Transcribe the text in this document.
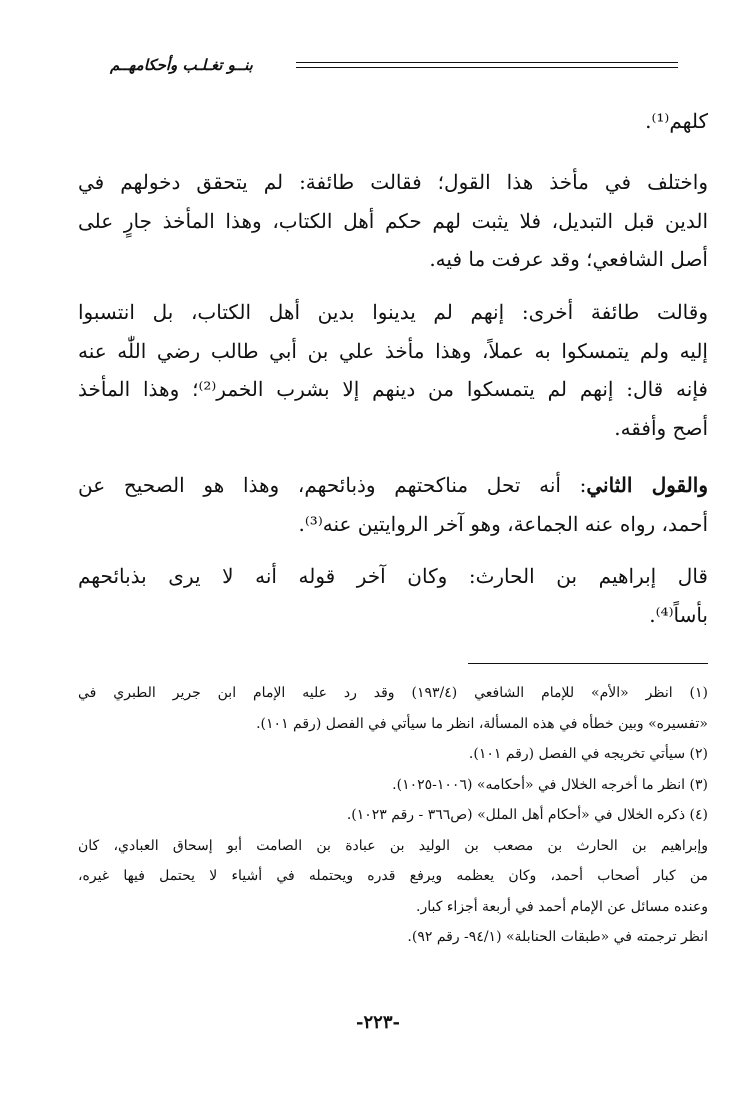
بنــو تغـلـب وأحكامهــم

كلهم⁽¹⁾.

واختلف في مأخذ هذا القول؛ فقالت طائفة: لم يتحقق دخولهم في
الدين قبل التبديل، فلا يثبت لهم حكم أهل الكتاب، وهذا المأخذ جارٍ على
أصل الشافعي؛ وقد عرفت ما فيه.

وقالت طائفة أخرى: إنهم لم يدينوا بدين أهل الكتاب، بل انتسبوا
إليه ولم يتمسكوا به عملاً، وهذا مأخذ علي بن أبي طالب رضي اللّٰه عنه
فإنه قال: إنهم لم يتمسكوا من دينهم إلا بشرب الخمر⁽²⁾؛ وهذا المأخذ
أصح وأفقه.

والقول الثاني: أنه تحل مناكحتهم وذبائحهم، وهذا هو الصحيح عن
أحمد، رواه عنه الجماعة، وهو آخر الروايتين عنه⁽³⁾.

قال إبراهيم بن الحارث: وكان آخر قوله أنه لا يرى بذبائحهم
بأساً⁽⁴⁾.

(١) انظر «الأم» للإمام الشافعي (١٩٣/٤) وقد رد عليه الإمام ابن جرير الطبري في

«تفسيره» وبين خطأه في هذه المسألة، انظر ما سيأتي في الفصل (رقم ١٠١).

(٢) سيأتي تخريجه في الفصل (رقم ١٠١).

(٣) انظر ما أخرجه الخلال في «أحكامه» (١٠٠٦-١٠٢٥).

(٤) ذكره الخلال في «أحكام أهل الملل» (ص٣٦٦ - رقم ١٠٢٣).

وإبراهيم بن الحارث بن مصعب بن الوليد بن عبادة بن الصامت أبو إسحاق العبادي، كان

من كبار أصحاب أحمد، وكان يعظمه ويرفع قدره ويحتمله في أشياء لا يحتمل فيها غيره،

وعنده مسائل عن الإمام أحمد في أربعة أجزاء كبار.

انظر ترجمته في «طبقات الحنابلة» (٩٤/١- رقم ٩٢).

-٢٢٣-
